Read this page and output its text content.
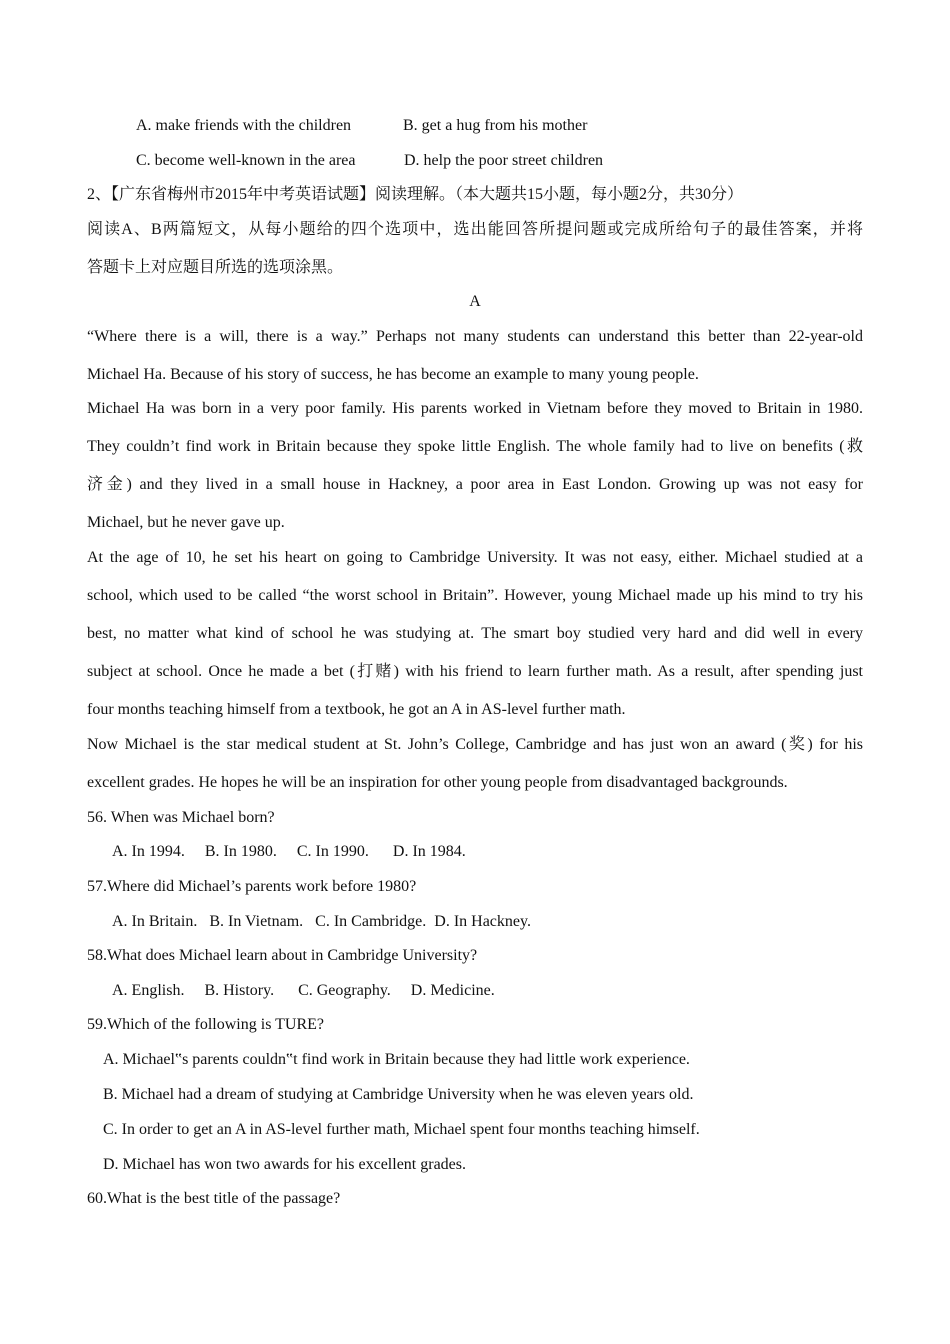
A. make friends with the children	B. get a hug from his mother
C. become well-known in the area	D. help the poor street children
2、【广东省梅州市2015年中考英语试题】阅读理解。（本大题共15小题，每小题2分，共30分）
阅读A、B两篇短文，从每小题给的四个选项中，选出能回答所提问题或完成所给句子的最佳答案，并将
答题卡上对应题目所选的选项涂黑。
A
“Where there is a will, there is a way.” Perhaps not many students can understand this better than 22-year-old
Michael Ha. Because of his story of success, he has become an example to many young people.
Michael Ha was born in a very poor family. His parents worked in Vietnam before they moved to Britain in 1980.
They couldn’t find work in Britain because they spoke little English. The whole family had to live on benefits (救
济金) and they lived in a small house in Hackney, a poor area in East London. Growing up was not easy for
Michael, but he never gave up.
At the age of 10, he set his heart on going to Cambridge University. It was not easy, either. Michael studied at a
school, which used to be called “the worst school in Britain”. However, young Michael made up his mind to try his
best, no matter what kind of school he was studying at. The smart boy studied very hard and did well in every
subject at school. Once he made a bet (打赌) with his friend to learn further math. As a result, after spending just
four months teaching himself from a textbook, he got an A in AS-level further math.
Now Michael is the star medical student at St. John’s College, Cambridge and has just won an award (奖) for his
excellent grades. He hopes he will be an inspiration for other young people from disadvantaged backgrounds.
56. When was Michael born?
A. In 1994.     B. In 1980.     C. In 1990.      D. In 1984.
57.Where did Michael’s parents work before 1980?
A. In Britain.   B. In Vietnam.   C. In Cambridge.  D. In Hackney.
58.What does Michael learn about in Cambridge University?
A. English.     B. History.      C. Geography.     D. Medicine.
59.Which of the following is TURE?
A. Michael‟s parents couldn‟t find work in Britain because they had little work experience.
B. Michael had a dream of studying at Cambridge University when he was eleven years old.
C. In order to get an A in AS-level further math, Michael spent four months teaching himself.
D. Michael has won two awards for his excellent grades.
60.What is the best title of the passage?
